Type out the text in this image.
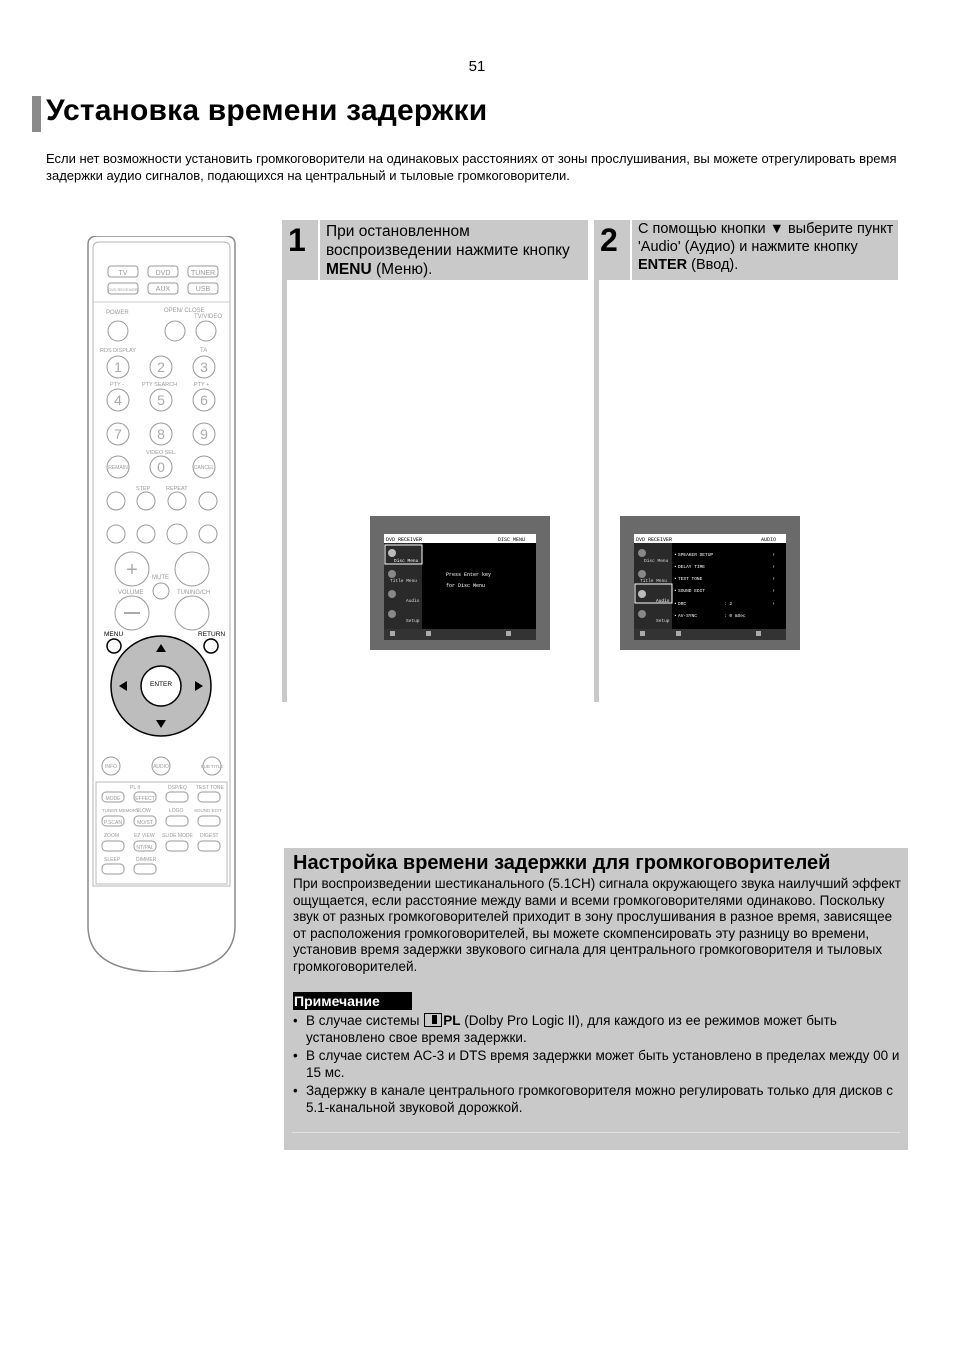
51
Установка времени задержки

Если нет возможности установить громкоговорители на одинаковых расстояниях от зоны прослушивания, вы можете отрегулировать время задержки аудио сигналов, подающихся на центральный и тыловые громкоговорители.

TV	DVD	TUNER
DVD RECEIVER	AUX	USB
POWER	OPEN/ CLOSE
TV/VIDEO
RDS DISPLAY	TA
1	2	3
PTY -	PTY SEARCH	PTY +
4	5	6
7	8	9
VIDEO SEL.
REMAIN 0	CANCEL
STEP	REPEAT
+ MUTE
VOLUME	TUNING/CH
MENU	RETURN
ENTER
INFO	AUDIO	SUB TITLE
PL II	DSP/EQ TEST TONE
MODE	EFFECT
TUNER MEMORY
SLOW	LOGO SOUND EDIT
P.SCAN	MO/ST
ZOOM	EZ VIEW SLIDE MODE DIGEST
NT/PAL
SLEEP	DIMMER
1	При остановленном воспроизведении нажмите кнопку MENU (Меню).
2	С помощью кнопки ▼ выберите пункт 'Audio' (Аудио) и нажмите кнопку ENTER (Ввод).
DVD RECEIVER	DISC MENU
Disc Menu
Title Menu
Audio
Setup
Press Enter key
for Disc Menu
DVD RECEIVER	AUDIO
Disc Menu
Title Menu
Audio
Setup
• SPEAKER SETUP	›
• DELAY TIME	›
• TEST TONE	›
• SOUND EDIT	›
• DRC	: 2	›
• AV-SYNC	: 0 mSec
Настройка времени задержки для громкоговорителей

При воспроизведении шестиканального (5.1CH) сигнала окружающего звука наилучший эффект ощущается, если расстояние между вами и всеми громкоговорителями одинаково. Поскольку звук от разных громкоговорителей приходит в зону прослушивания в разное время, зависящее от расположения громкоговорителей, вы можете скомпенсировать эту разницу во времени, установив время задержки звукового сигнала для центрального громкоговорителя и тыловых громкоговорителей.

Примечание
• В случае системы PL (Dolby Pro Logic II), для каждого из ее режимов может быть установлено свое время задержки.
• В случае систем AC-3 и DTS время задержки может быть установлено в пределах между 00 и 15 мс.
• Задержку в канале центрального громкоговорителя можно регулировать только для дисков с 5.1-канальной звуковой дорожкой.
